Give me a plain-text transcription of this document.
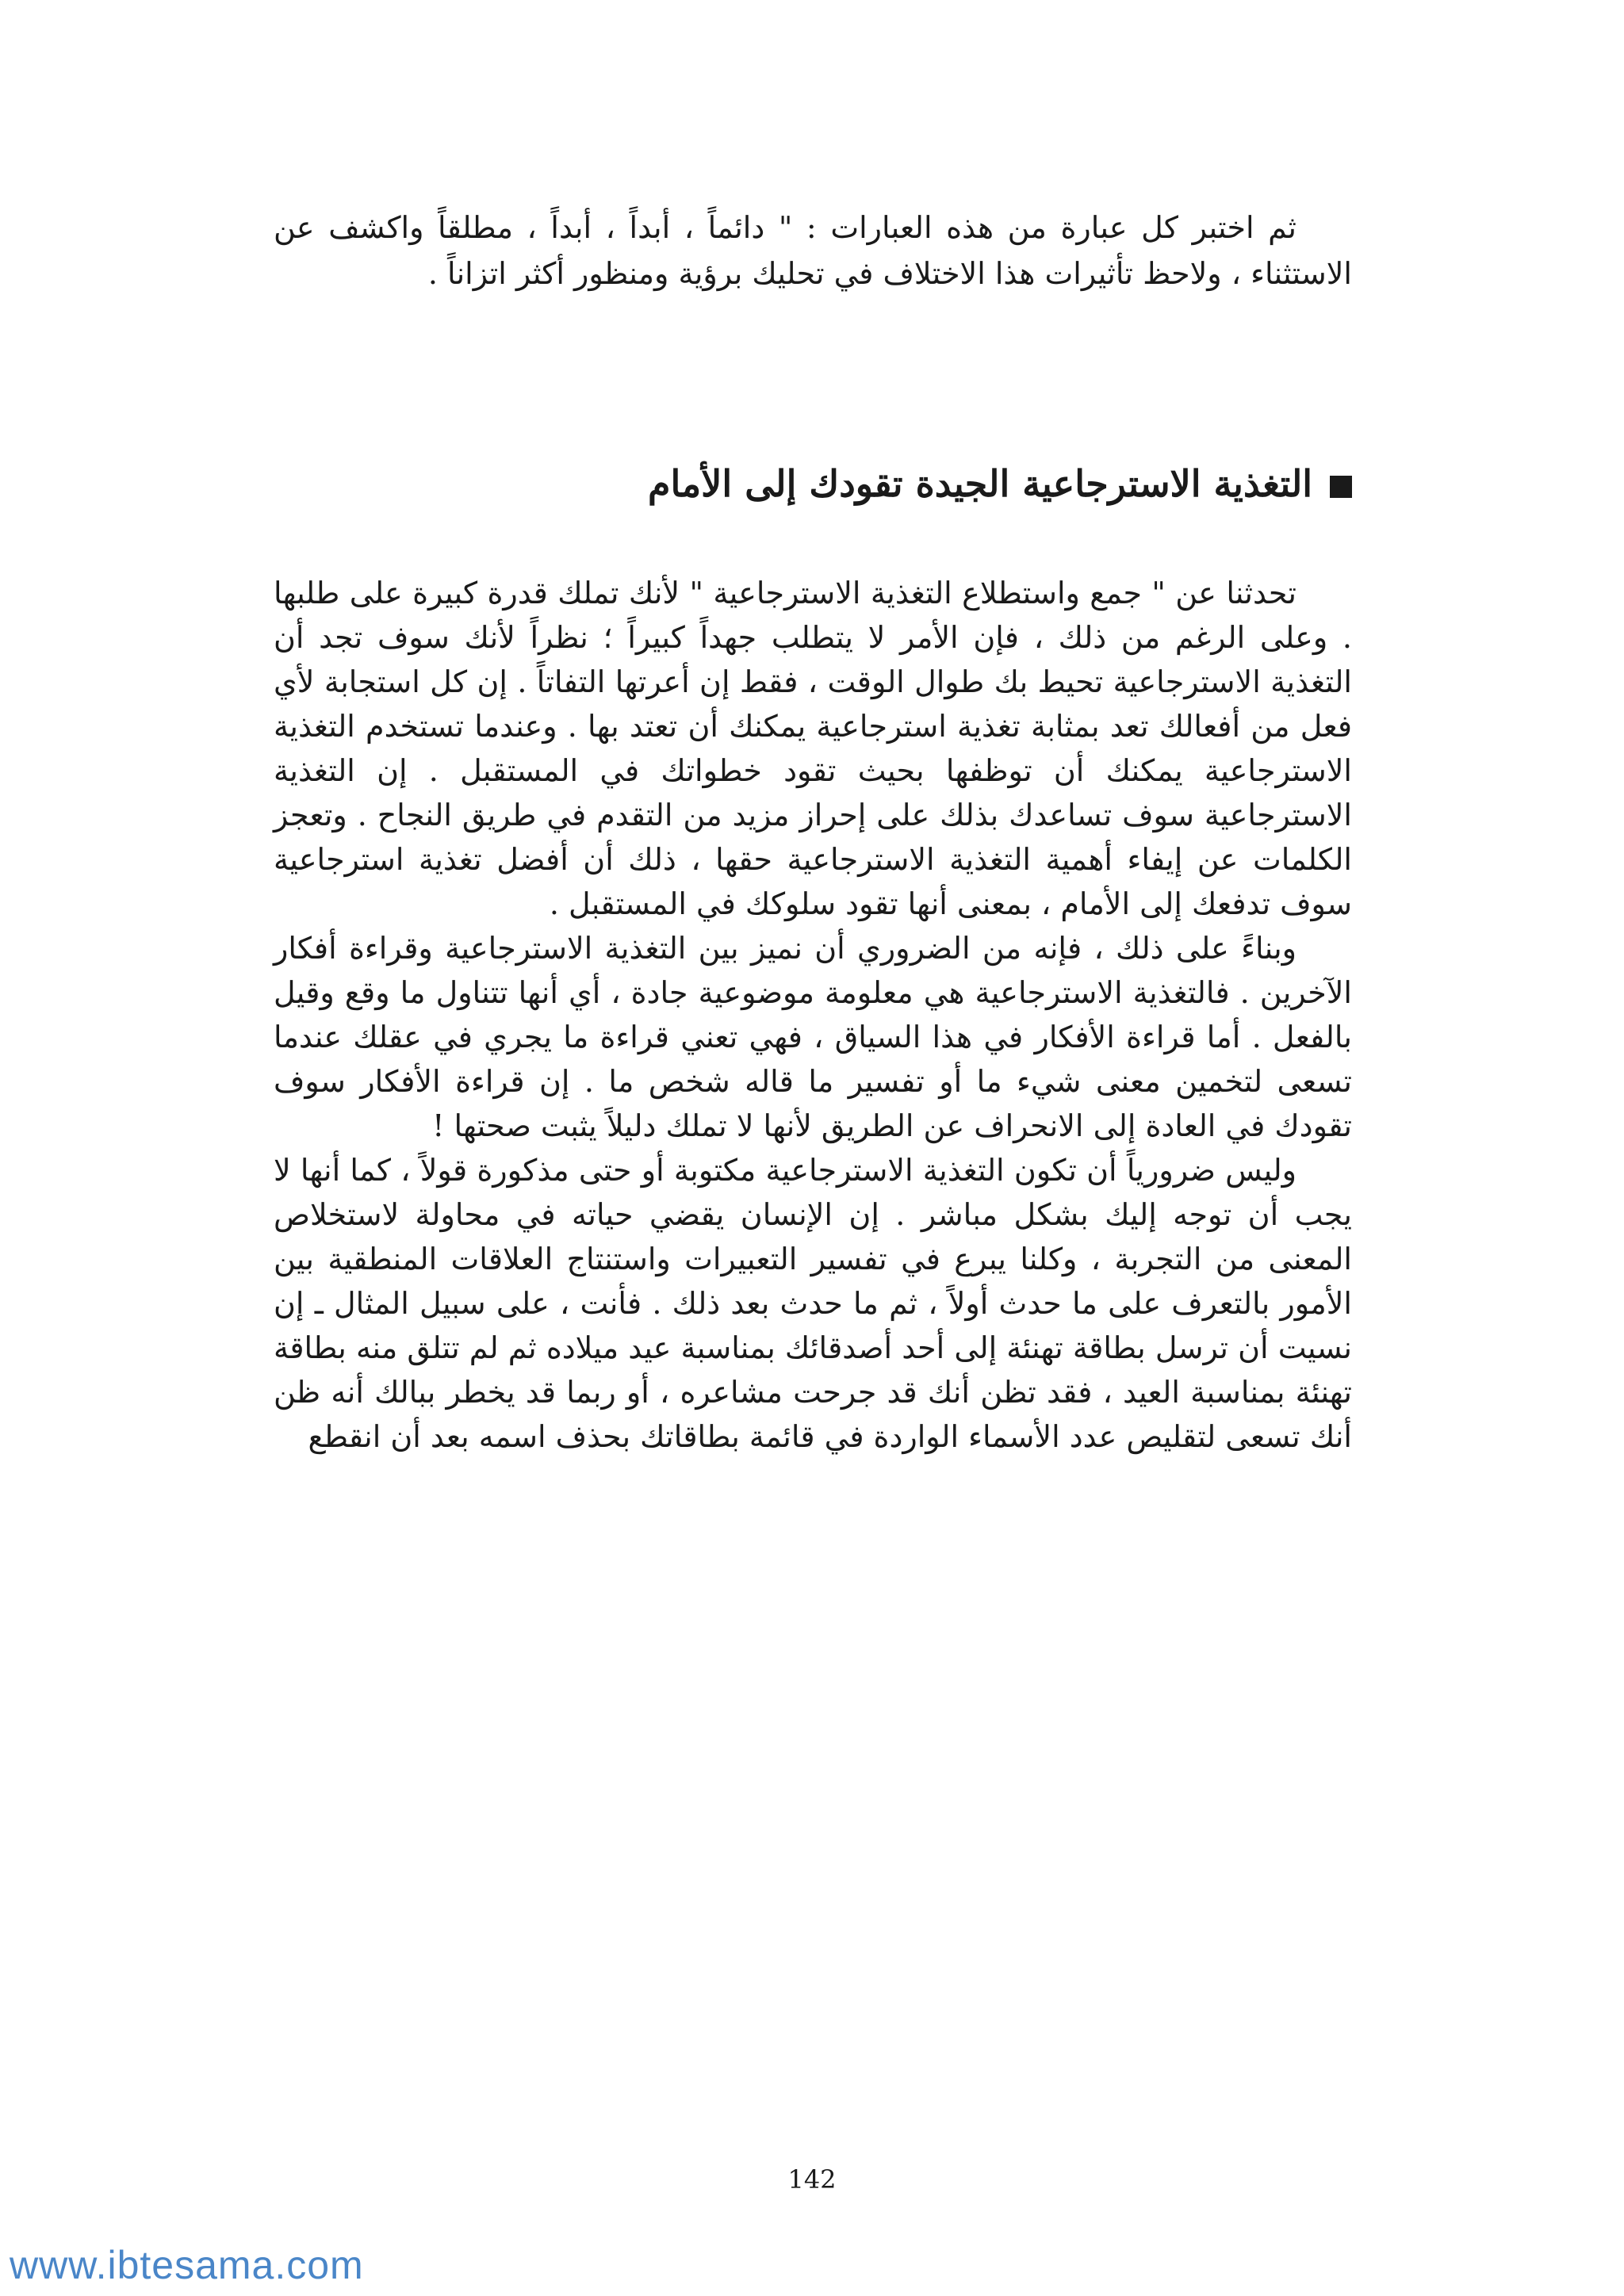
ثم اختبر كل عبارة من هذه العبارات : " دائماً ، أبداً ، أبداً ، مطلقاً واكشف عن الاستثناء ، ولاحظ تأثيرات هذا الاختلاف في تحليك برؤية ومنظور أكثر اتزاناً .

التغذية الاسترجاعية الجيدة تقودك إلى الأمام

تحدثنا عن " جمع واستطلاع التغذية الاسترجاعية " لأنك تملك قدرة كبيرة على طلبها . وعلى الرغم من ذلك ، فإن الأمر لا يتطلب جهداً كبيراً ؛ نظراً لأنك سوف تجد أن التغذية الاسترجاعية تحيط بك طوال الوقت ، فقط إن أعرتها التفاتاً . إن كل استجابة لأي فعل من أفعالك تعد بمثابة تغذية استرجاعية يمكنك أن تعتد بها . وعندما تستخدم التغذية الاسترجاعية يمكنك أن توظفها بحيث تقود خطواتك في المستقبل . إن التغذية الاسترجاعية سوف تساعدك بذلك على إحراز مزيد من التقدم في طريق النجاح . وتعجز الكلمات عن إيفاء أهمية التغذية الاسترجاعية حقها ، ذلك أن أفضل تغذية استرجاعية سوف تدفعك إلى الأمام ، بمعنى أنها تقود سلوكك في المستقبل .

وبناءً على ذلك ، فإنه من الضروري أن نميز بين التغذية الاسترجاعية وقراءة أفكار الآخرين . فالتغذية الاسترجاعية هي معلومة موضوعية جادة ، أي أنها تتناول ما وقع وقيل بالفعل . أما قراءة الأفكار في هذا السياق ، فهي تعني قراءة ما يجري في عقلك عندما تسعى لتخمين معنى شيء ما أو تفسير ما قاله شخص ما . إن قراءة الأفكار سوف تقودك في العادة إلى الانحراف عن الطريق لأنها لا تملك دليلاً يثبت صحتها !

وليس ضرورياً أن تكون التغذية الاسترجاعية مكتوبة أو حتى مذكورة قولاً ، كما أنها لا يجب أن توجه إليك بشكل مباشر . إن الإنسان يقضي حياته في محاولة لاستخلاص المعنى من التجربة ، وكلنا يبرع في تفسير التعبيرات واستنتاج العلاقات المنطقية بين الأمور بالتعرف على ما حدث أولاً ، ثم ما حدث بعد ذلك . فأنت ، على سبيل المثال ـ إن نسيت أن ترسل بطاقة تهنئة إلى أحد أصدقائك بمناسبة عيد ميلاده ثم لم تتلق منه بطاقة تهنئة بمناسبة العيد ، فقد تظن أنك قد جرحت مشاعره ، أو ربما قد يخطر ببالك أنه ظن أنك تسعى لتقليص عدد الأسماء الواردة في قائمة بطاقاتك بحذف اسمه بعد أن انقطع

142
www.ibtesama.com
